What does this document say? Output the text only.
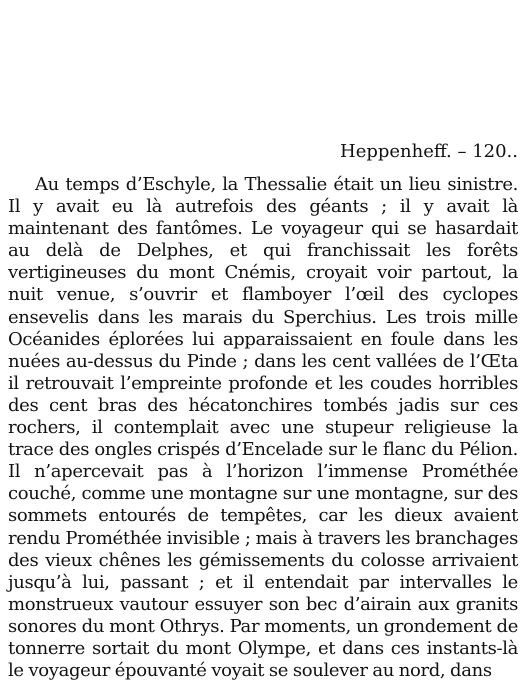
Heppenheff. – 120..

Au temps d’Eschyle, la Thessalie était un lieu sinistre. Il y avait eu là autrefois des géants ; il y avait là maintenant des fantômes. Le voyageur qui se hasardait au delà de Delphes, et qui franchissait les forêts vertigineuses du mont Cnémis, croyait voir partout, la nuit venue, s’ouvrir et flamboyer l’œil des cyclopes ensevelis dans les marais du Sperchius. Les trois mille Océanides éplorées lui apparaissaient en foule dans les nuées au-dessus du Pinde ; dans les cent vallées de l’Œta il retrouvait l’empreinte profonde et les coudes horribles des cent bras des hécatonchires tombés jadis sur ces rochers, il contemplait avec une stupeur religieuse la trace des ongles crispés d’Encelade sur le flanc du Pélion. Il n’apercevait pas à l’horizon l’immense Prométhée couché, comme une montagne sur une montagne, sur des sommets entourés de tempêtes, car les dieux avaient rendu Prométhée invisible ; mais à travers les branchages des vieux chênes les gémissements du colosse arrivaient jusqu’à lui, passant ; et il entendait par intervalles le monstrueux vautour essuyer son bec d’airain aux granits sonores du mont Othrys. Par moments, un grondement de tonnerre sortait du mont Olympe, et dans ces instants-là le voyageur épouvanté voyait se soulever au nord, dans
